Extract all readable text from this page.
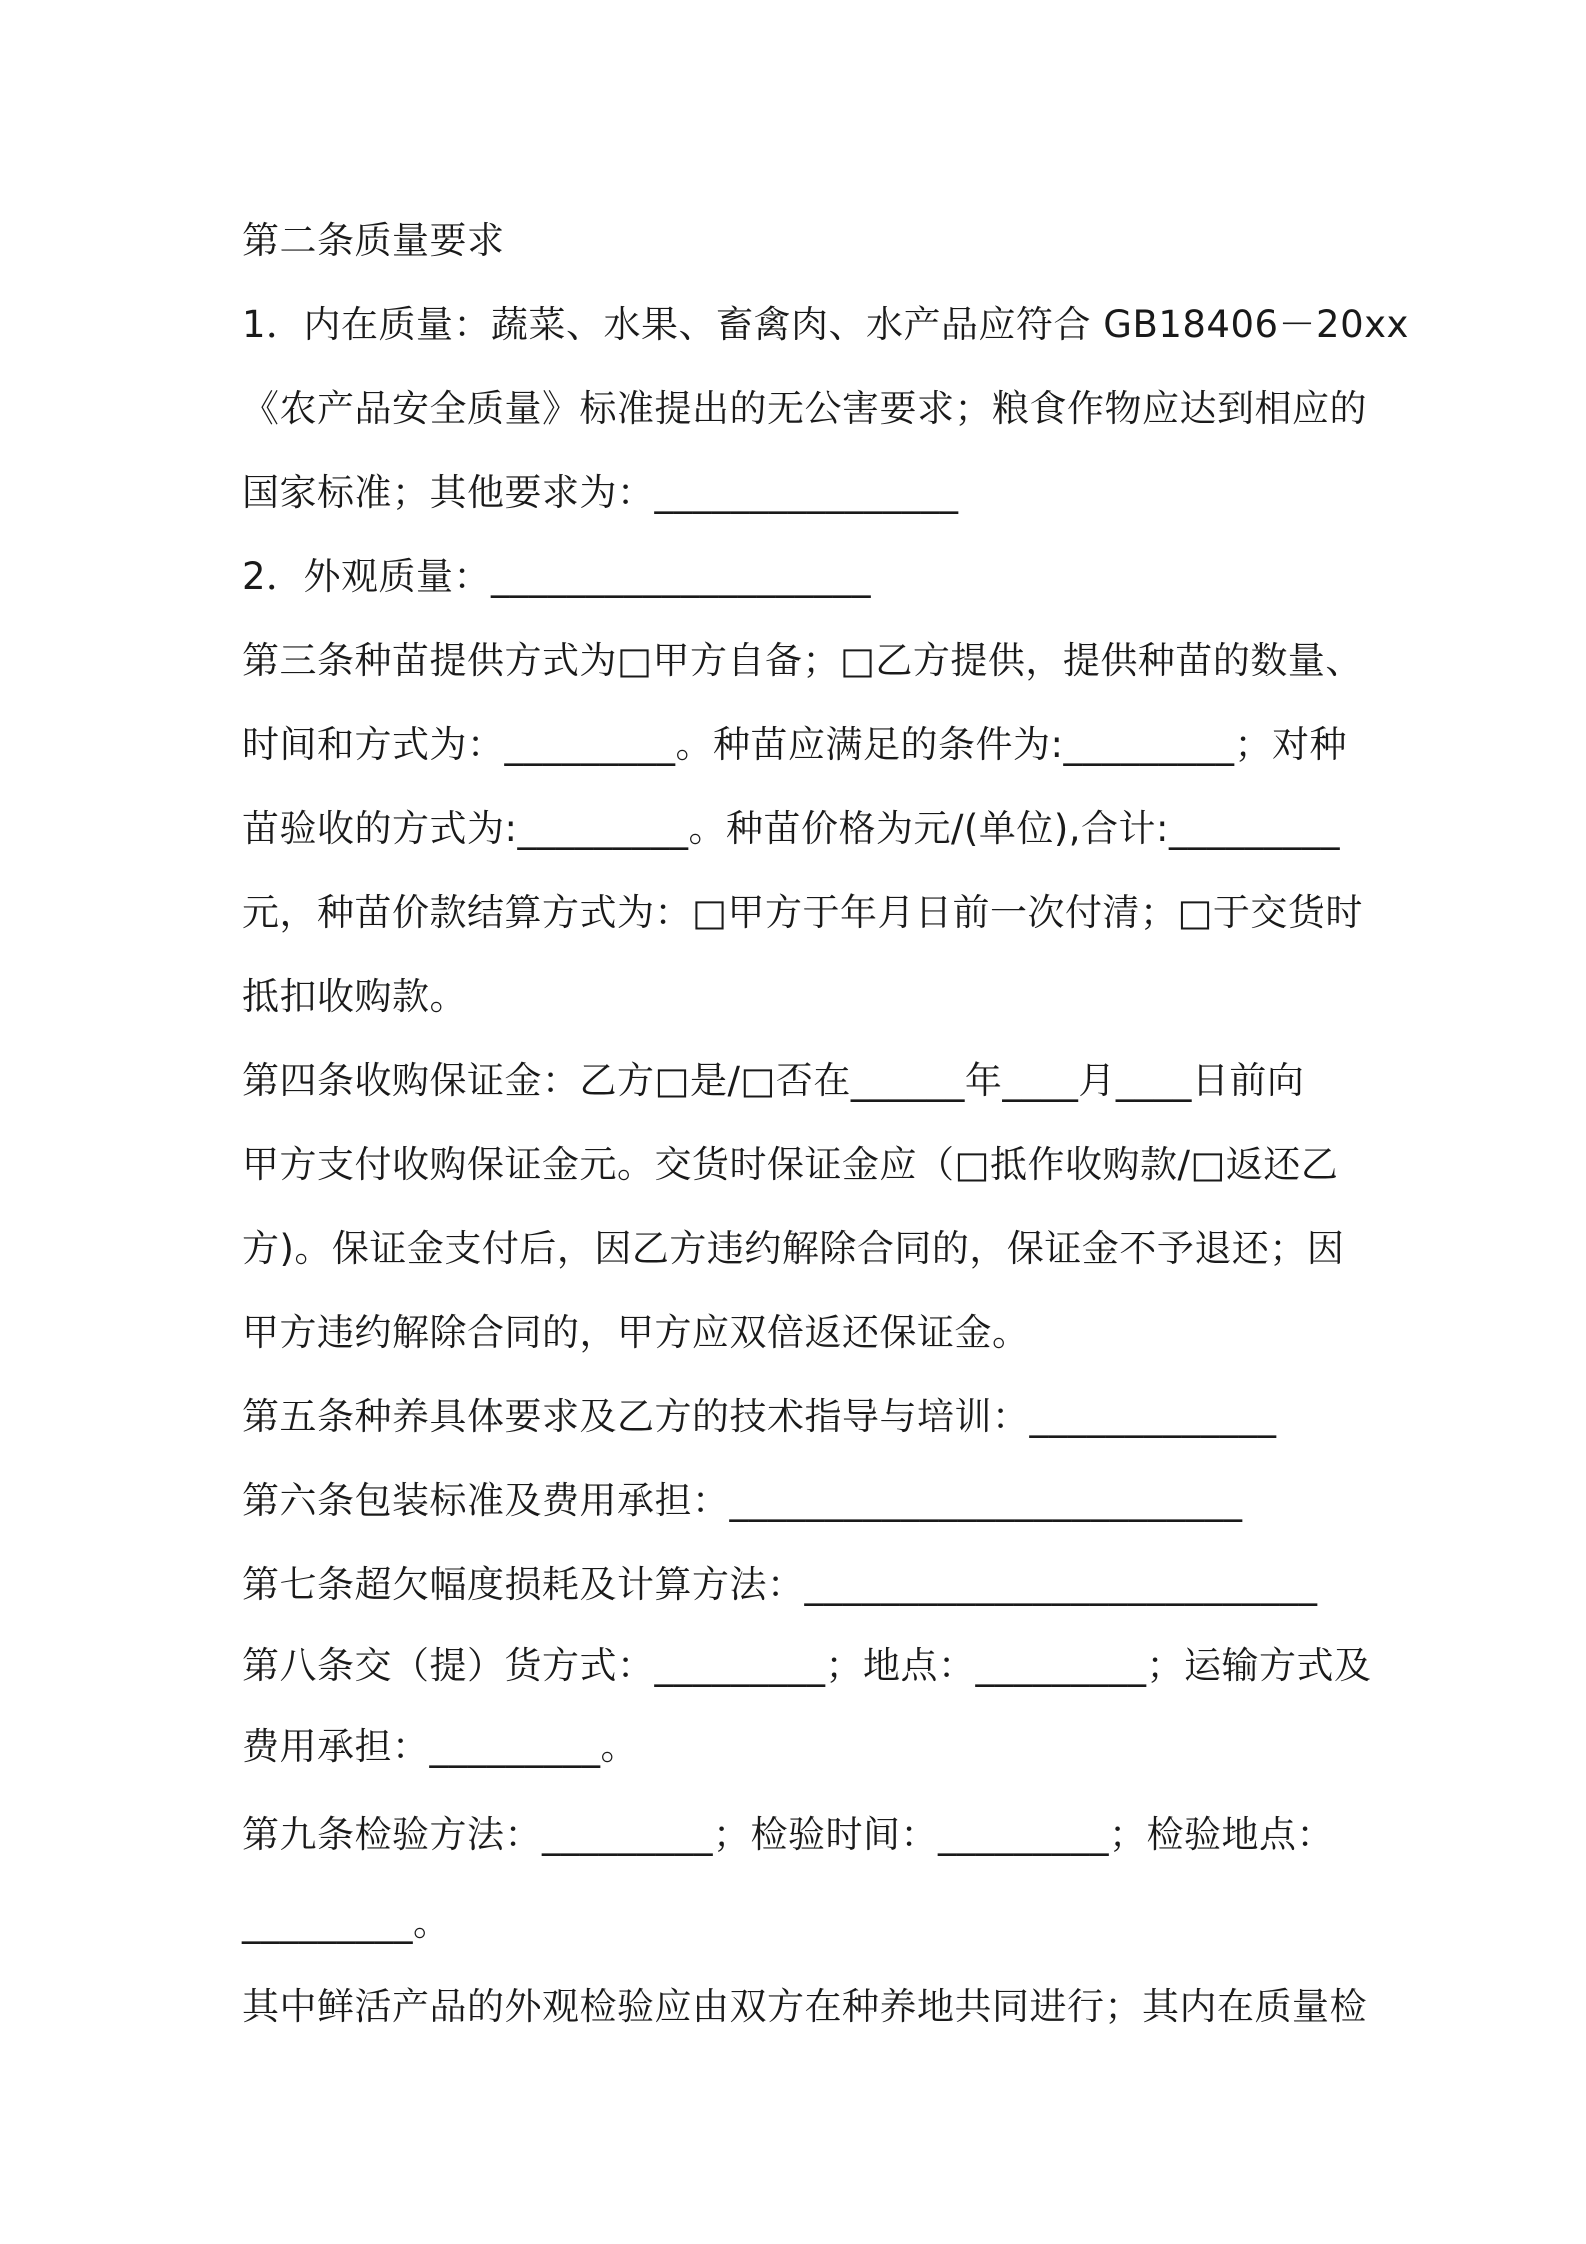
第二条质量要求
1．内在质量：蔬菜、水果、畜禽肉、水产品应符合 GB18406－20xx
《农产品安全质量》标准提出的无公害要求；粮食作物应达到相应的
国家标准；其他要求为：________________
2．外观质量：____________________
第三条种苗提供方式为□甲方自备；□乙方提供，提供种苗的数量、
时间和方式为：_________。种苗应满足的条件为:_________；对种
苗验收的方式为:_________。种苗价格为元/(单位),合计:_________
元，种苗价款结算方式为：□甲方于年月日前一次付清；□于交货时
抵扣收购款。
第四条收购保证金：乙方□是/□否在______年____月____日前向
甲方支付收购保证金元。交货时保证金应（□抵作收购款/□返还乙
方)。保证金支付后，因乙方违约解除合同的，保证金不予退还；因
甲方违约解除合同的，甲方应双倍返还保证金。
第五条种养具体要求及乙方的技术指导与培训：_____________
第六条包装标准及费用承担：___________________________
第七条超欠幅度损耗及计算方法：___________________________
第八条交（提）货方式：_________；地点：_________；运输方式及
费用承担：_________。
第九条检验方法：_________；检验时间：_________；检验地点：
_________。
其中鲜活产品的外观检验应由双方在种养地共同进行；其内在质量检
